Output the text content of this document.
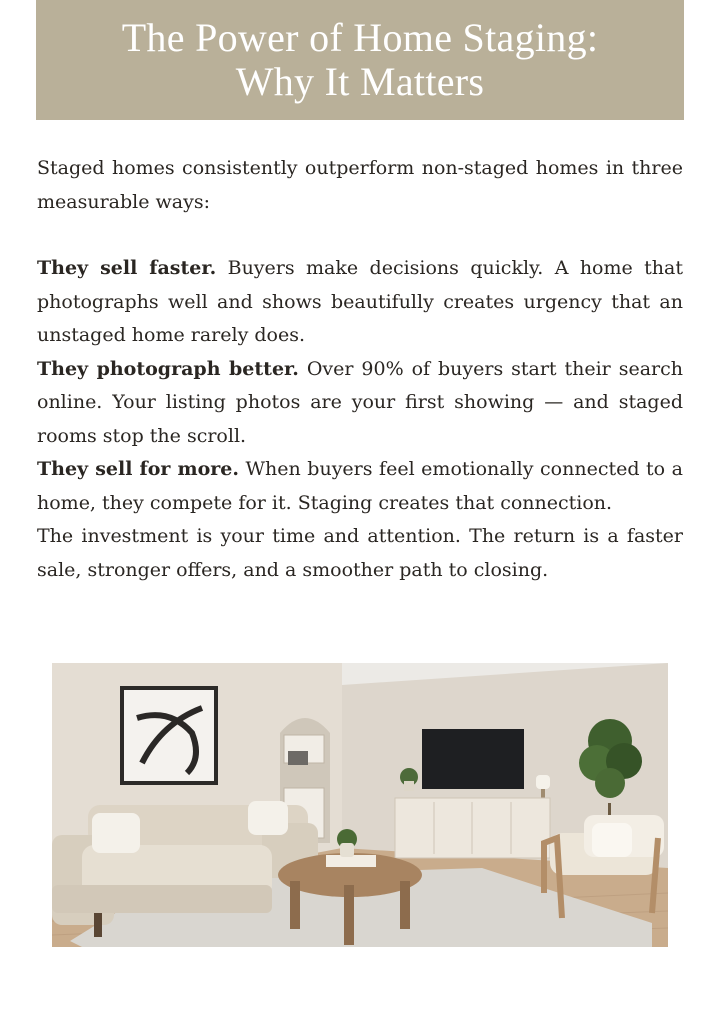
The Power of Home Staging:
Why It Matters

Staged homes consistently outperform non-staged homes in three measurable ways:

They sell faster. Buyers make decisions quickly. A home that photographs well and shows beautifully creates urgency that an unstaged home rarely does.

They photograph better. Over 90% of buyers start their search online. Your listing photos are your first showing — and staged rooms stop the scroll.

They sell for more. When buyers feel emotionally connected to a home, they compete for it. Staging creates that connection.

The investment is your time and attention. The return is a faster sale, stronger offers, and a smoother path to closing.
